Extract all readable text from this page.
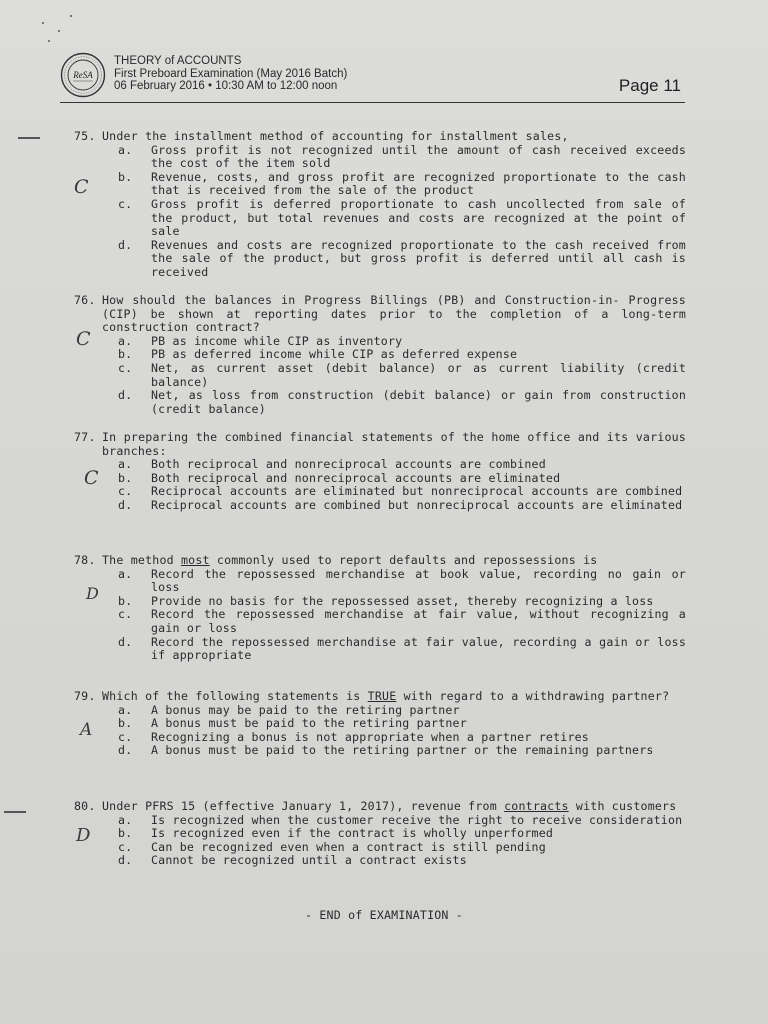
ReSA
THEORY of ACCOUNTS
First Preboard Examination (May 2016 Batch)
06 February 2016 • 10:30 AM to 12:00 noon	Page 11
75. Under the installment method of accounting for installment sales,
a.	Gross profit is not recognized until the amount of cash received exceeds the cost of the item sold
b.	Revenue, costs, and gross profit are recognized proportionate to the cash that is received from the sale of the product
c.	Gross profit is deferred proportionate to cash uncollected from sale of the product, but total revenues and costs are recognized at the point of sale
d.	Revenues and costs are recognized proportionate to the cash received from the sale of the product, but gross profit is deferred until all cash is received
C
76. How should the balances in Progress Billings (PB) and Construction-in- Progress (CIP) be shown at reporting dates prior to the completion of a long-term construction contract?
a.	PB as income while CIP as inventory
b.	PB as deferred income while CIP as deferred expense
c.	Net, as current asset (debit balance) or as current liability (credit balance)
d.	Net, as loss from construction (debit balance) or gain from construction (credit balance)
C
77. In preparing the combined financial statements of the home office and its various branches:
a.	Both reciprocal and nonreciprocal accounts are combined
b.	Both reciprocal and nonreciprocal accounts are eliminated
c.	Reciprocal accounts are eliminated but nonreciprocal accounts are combined
d.	Reciprocal accounts are combined but nonreciprocal accounts are eliminated
C
78. The method most commonly used to report defaults and repossessions is
a.	Record the repossessed merchandise at book value, recording no gain or loss
b.	Provide no basis for the repossessed asset, thereby recognizing a loss
c.	Record the repossessed merchandise at fair value, without recognizing a gain or loss
d.	Record the repossessed merchandise at fair value, recording a gain or loss if appropriate
D
79. Which of the following statements is TRUE with regard to a withdrawing partner?
a.	A bonus may be paid to the retiring partner
b.	A bonus must be paid to the retiring partner
c.	Recognizing a bonus is not appropriate when a partner retires
d.	A bonus must be paid to the retiring partner or the remaining partners
A
80. Under PFRS 15 (effective January 1, 2017), revenue from contracts with customers
a.	Is recognized when the customer receive the right to receive consideration
b.	Is recognized even if the contract is wholly unperformed
c.	Can be recognized even when a contract is still pending
d.	Cannot be recognized until a contract exists
D
- END of EXAMINATION -
